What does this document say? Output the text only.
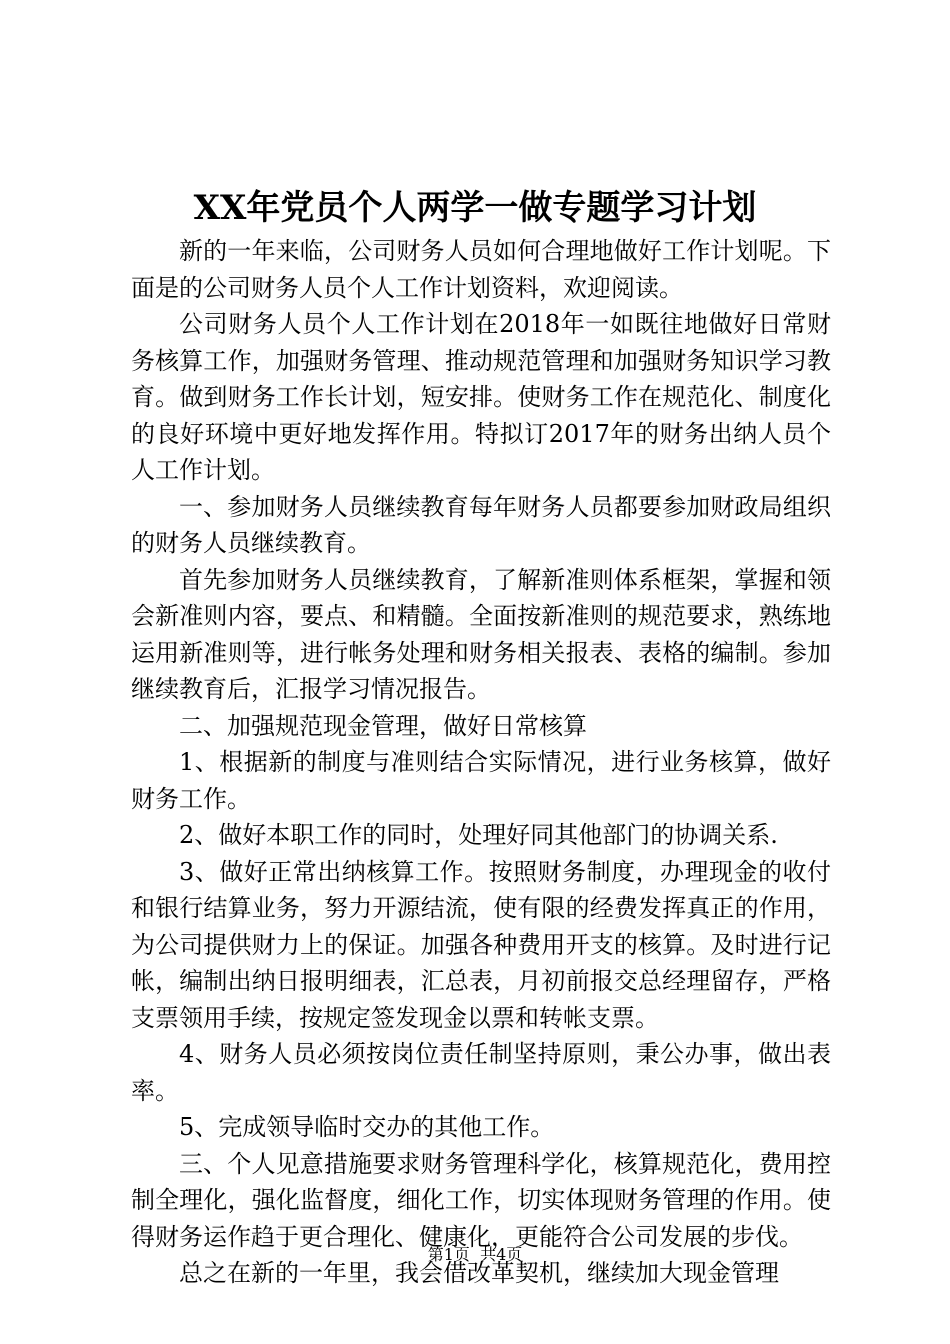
XX年党员个人两学一做专题学习计划

新的一年来临，公司财务人员如何合理地做好工作计划呢。下面是的公司财务人员个人工作计划资料，欢迎阅读。

公司财务人员个人工作计划在2018年一如既往地做好日常财务核算工作，加强财务管理、推动规范管理和加强财务知识学习教育。做到财务工作长计划，短安排。使财务工作在规范化、制度化的良好环境中更好地发挥作用。特拟订2017年的财务出纳人员个人工作计划。

一、参加财务人员继续教育每年财务人员都要参加财政局组织的财务人员继续教育。

首先参加财务人员继续教育，了解新准则体系框架，掌握和领会新准则内容，要点、和精髓。全面按新准则的规范要求，熟练地运用新准则等，进行帐务处理和财务相关报表、表格的编制。参加继续教育后，汇报学习情况报告。

二、加强规范现金管理，做好日常核算

1、根据新的制度与准则结合实际情况，进行业务核算，做好财务工作。

2、做好本职工作的同时，处理好同其他部门的协调关系.

3、做好正常出纳核算工作。按照财务制度，办理现金的收付和银行结算业务，努力开源结流，使有限的经费发挥真正的作用，为公司提供财力上的保证。加强各种费用开支的核算。及时进行记帐，编制出纳日报明细表，汇总表，月初前报交总经理留存，严格支票领用手续，按规定签发现金以票和转帐支票。

4、财务人员必须按岗位责任制坚持原则，秉公办事，做出表率。

5、完成领导临时交办的其他工作。

三、个人见意措施要求财务管理科学化，核算规范化，费用控制全理化，强化监督度，细化工作，切实体现财务管理的作用。使得财务运作趋于更合理化、健康化，更能符合公司发展的步伐。

总之在新的一年里，我会借改革契机，继续加大现金管理

第1页 共4页
